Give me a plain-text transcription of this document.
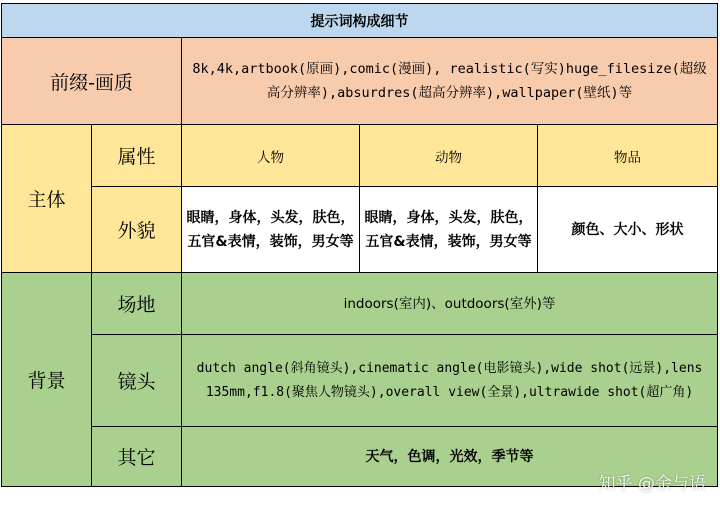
提示词构成细节				
前缀-画质		8k,4k,artbook(原画),comic(漫画), realistic(写实)huge_filesize(超级高分辨率),absurdres(超高分辨率),wallpaper(壁纸)等		
主体	属性	人物	动物	物品
	外貌	眼睛，身体，头发，肤色，五官&表情，装饰，男女等	眼睛，身体，头发，肤色，五官&表情，装饰，男女等	颜色、大小、形状
背景	场地	indoors(室内)、outdoors(室外)等		
	镜头	dutch angle(斜角镜头),cinematic angle(电影镜头),wide shot(远景),lens 135mm,f1.8(聚焦人物镜头),overall view(全景),ultrawide shot(超广角)		
	其它	天气，色调，光效，季节等		
知乎 @余与语
